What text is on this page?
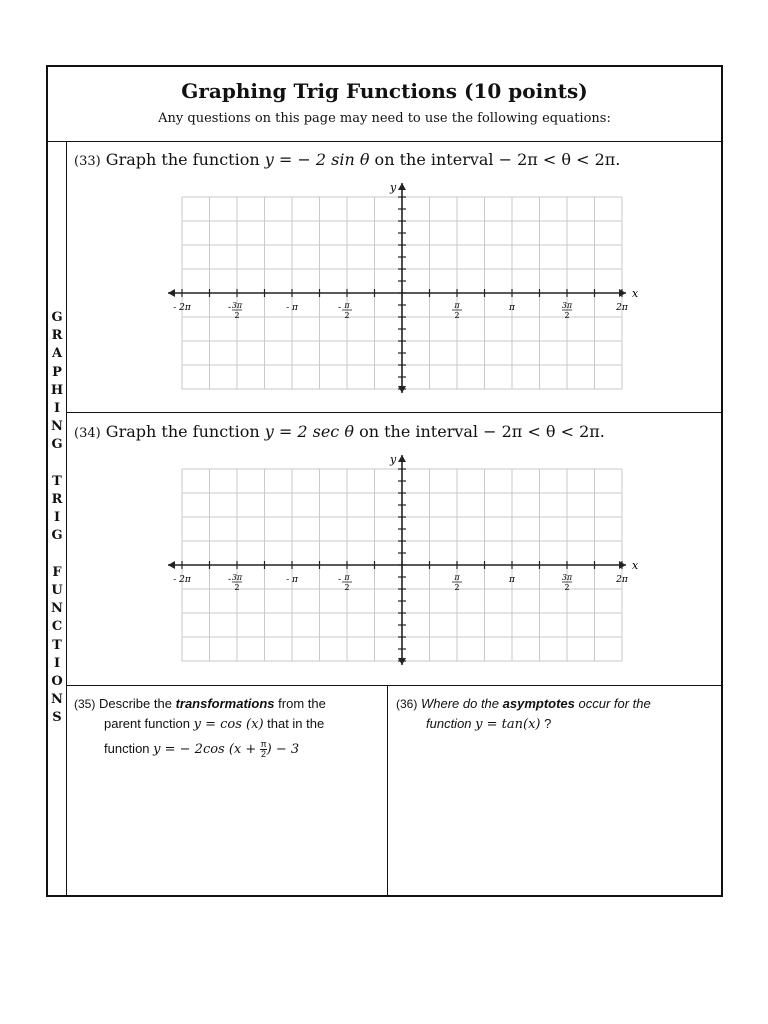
Graphing Trig Functions (10 points)
Any questions on this page may need to use the following equations:
G
R
A
P
H
I
N
G
T
R
I
G
F
U
N
C
T
I
O
N
S
(33) Graph the function y = − 2 sin θ on the interval − 2π < θ < 2π.
x
y
- 2π	- 3π
2
- π	- π
2
π
2
π	3π
2
2π
(34) Graph the function y = 2 sec θ on the interval − 2π < θ < 2π.
x
y
- 2π	- 3π
2
- π	- π
2
π
2
π	3π
2
2π
(35) Describe the transformations from the
parent function y = cos (x) that in the
function y = − 2cos ($x + \frac{\pi}{2}$ ) − 3
(36) Where do the asymptotes occur for the
function y = tan(x) ?
